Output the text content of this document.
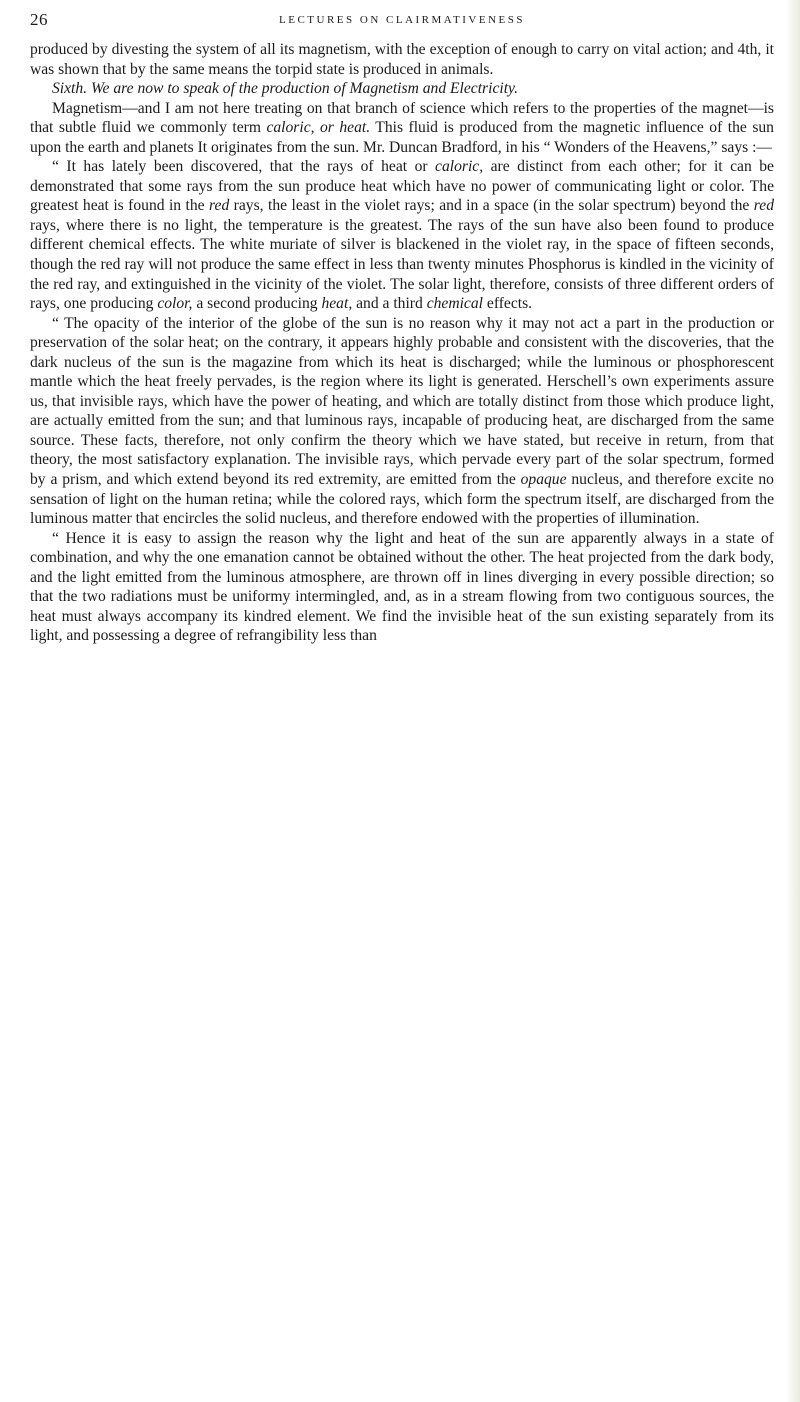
26	LECTURES ON CLAIRMATIVENESS

produced by divesting the system of all its magnetism, with the exception of enough to carry on vital action; and 4th, it was shown that by the same means the torpid state is produced in animals.

Sixth. We are now to speak of the production of Magnetism and Electricity.

Magnetism—and I am not here treating on that branch of science which refers to the properties of the magnet—is that subtle fluid we commonly term caloric, or heat. This fluid is produced from the magnetic influence of the sun upon the earth and planets It originates from the sun. Mr. Duncan Bradford, in his “ Wonders of the Heavens,” says :—

“ It has lately been discovered, that the rays of heat or caloric, are distinct from each other; for it can be demonstrated that some rays from the sun produce heat which have no power of communicating light or color. The greatest heat is found in the red rays, the least in the violet rays; and in a space (in the solar spectrum) beyond the red rays, where there is no light, the temperature is the greatest. The rays of the sun have also been found to produce different chemical effects. The white muriate of silver is blackened in the violet ray, in the space of fifteen seconds, though the red ray will not produce the same effect in less than twenty minutes Phosphorus is kindled in the vicinity of the red ray, and extinguished in the vicinity of the violet. The solar light, therefore, consists of three different orders of rays, one producing color, a second producing heat, and a third chemical effects.

“ The opacity of the interior of the globe of the sun is no reason why it may not act a part in the production or preservation of the solar heat; on the contrary, it appears highly probable and consistent with the discoveries, that the dark nucleus of the sun is the magazine from which its heat is discharged; while the luminous or phosphorescent mantle which the heat freely pervades, is the region where its light is generated. Herschell’s own experiments assure us, that invisible rays, which have the power of heating, and which are totally distinct from those which produce light, are actually emitted from the sun; and that luminous rays, incapable of producing heat, are discharged from the same source. These facts, therefore, not only confirm the theory which we have stated, but receive in return, from that theory, the most satisfactory explanation. The invisible rays, which pervade every part of the solar spectrum, formed by a prism, and which extend beyond its red extremity, are emitted from the opaque nucleus, and therefore excite no sensation of light on the human retina; while the colored rays, which form the spectrum itself, are discharged from the luminous matter that encircles the solid nucleus, and therefore endowed with the properties of illumination.

“ Hence it is easy to assign the reason why the light and heat of the sun are apparently always in a state of combination, and why the one emanation cannot be obtained without the other. The heat projected from the dark body, and the light emitted from the luminous atmosphere, are thrown off in lines diverging in every possible direction; so that the two radiations must be uniformy intermingled, and, as in a stream flowing from two contiguous sources, the heat must always accompany its kindred element. We find the invisible heat of the sun existing separately from its light, and possessing a degree of refrangibility less than
